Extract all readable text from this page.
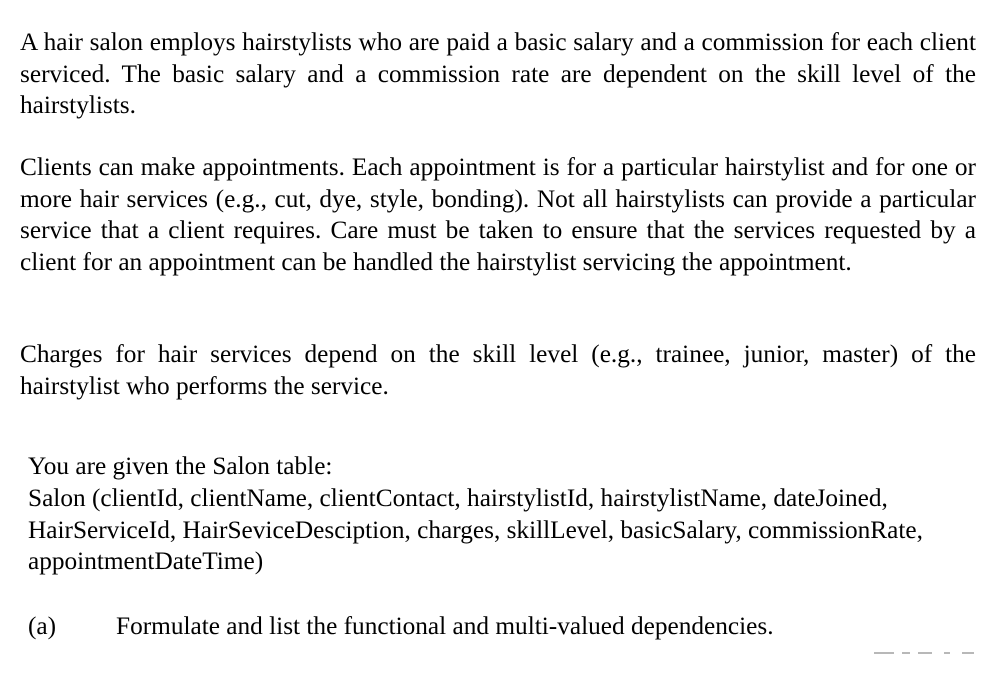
A hair salon employs hairstylists who are paid a basic salary and a commission for each client serviced. The basic salary and a commission rate are dependent on the skill level of the hairstylists.

Clients can make appointments. Each appointment is for a particular hairstylist and for one or more hair services (e.g., cut, dye, style, bonding). Not all hairstylists can provide a particular service that a client requires. Care must be taken to ensure that the services requested by a client for an appointment can be handled the hairstylist servicing the appointment.

Charges for hair services depend on the skill level (e.g., trainee, junior, master) of the hairstylist who performs the service.

You are given the Salon table:

Salon (clientId, clientName, clientContact, hairstylistId, hairstylistName, dateJoined, HairServiceId, HairSeviceDesciption, charges, skillLevel, basicSalary, commissionRate, appointmentDateTime)

(a) Formulate and list the functional and multi-valued dependencies.
